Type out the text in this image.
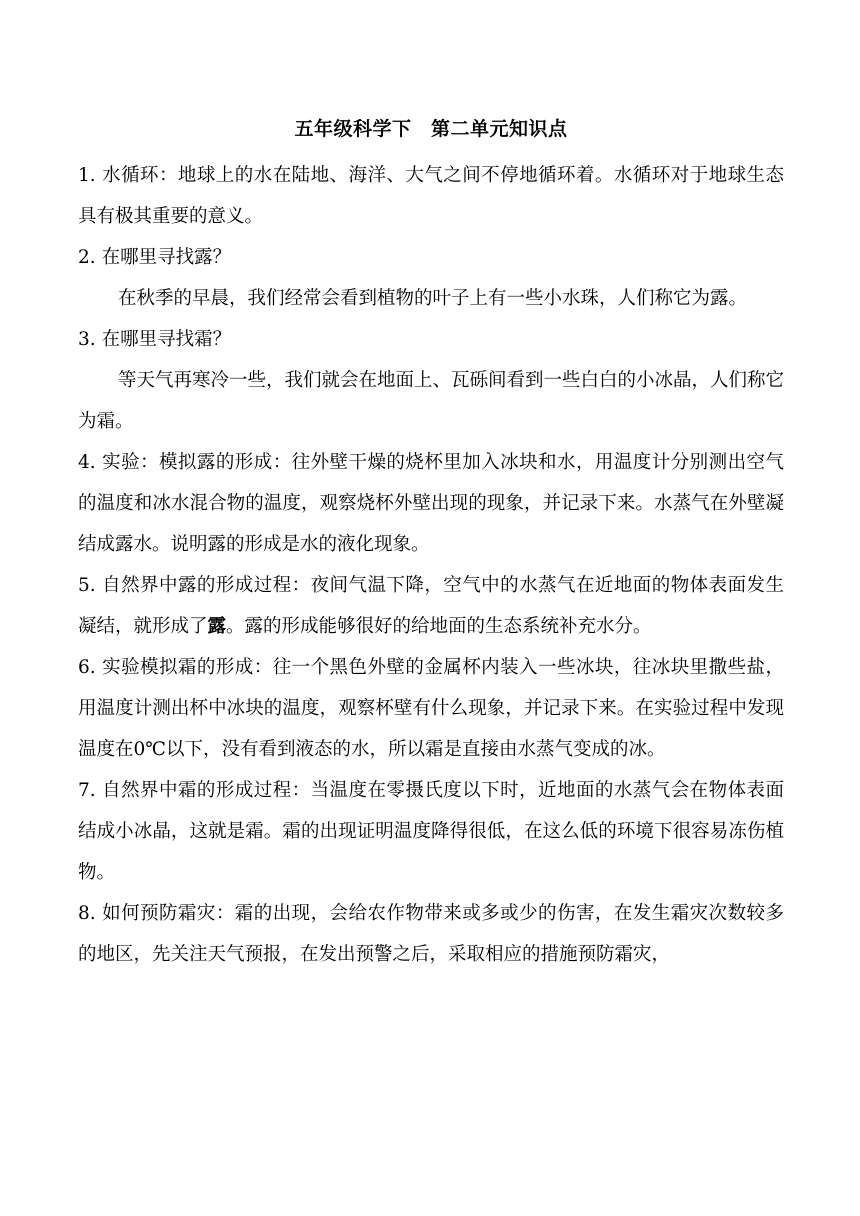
五年级科学下　第二单元知识点

1. 水循环：地球上的水在陆地、海洋、大气之间不停地循环着。水循环对于地球生态具有极其重要的意义。

2. 在哪里寻找露？

在秋季的早晨，我们经常会看到植物的叶子上有一些小水珠，人们称它为露。

3. 在哪里寻找霜？

等天气再寒冷一些，我们就会在地面上、瓦砾间看到一些白白的小冰晶，人们称它为霜。

4. 实验：模拟露的形成：往外壁干燥的烧杯里加入冰块和水，用温度计分别测出空气的温度和冰水混合物的温度，观察烧杯外壁出现的现象，并记录下来。水蒸气在外壁凝结成露水。说明露的形成是水的液化现象。

5. 自然界中露的形成过程：夜间气温下降，空气中的水蒸气在近地面的物体表面发生凝结，就形成了露。露的形成能够很好的给地面的生态系统补充水分。

6. 实验模拟霜的形成：往一个黑色外壁的金属杯内装入一些冰块，往冰块里撒些盐，用温度计测出杯中冰块的温度，观察杯壁有什么现象，并记录下来。在实验过程中发现温度在0℃以下，没有看到液态的水，所以霜是直接由水蒸气变成的冰。

7. 自然界中霜的形成过程：当温度在零摄氏度以下时，近地面的水蒸气会在物体表面结成小冰晶，这就是霜。霜的出现证明温度降得很低，在这么低的环境下很容易冻伤植物。

8. 如何预防霜灾：霜的出现，会给农作物带来或多或少的伤害，在发生霜灾次数较多的地区，先关注天气预报，在发出预警之后，采取相应的措施预防霜灾，
